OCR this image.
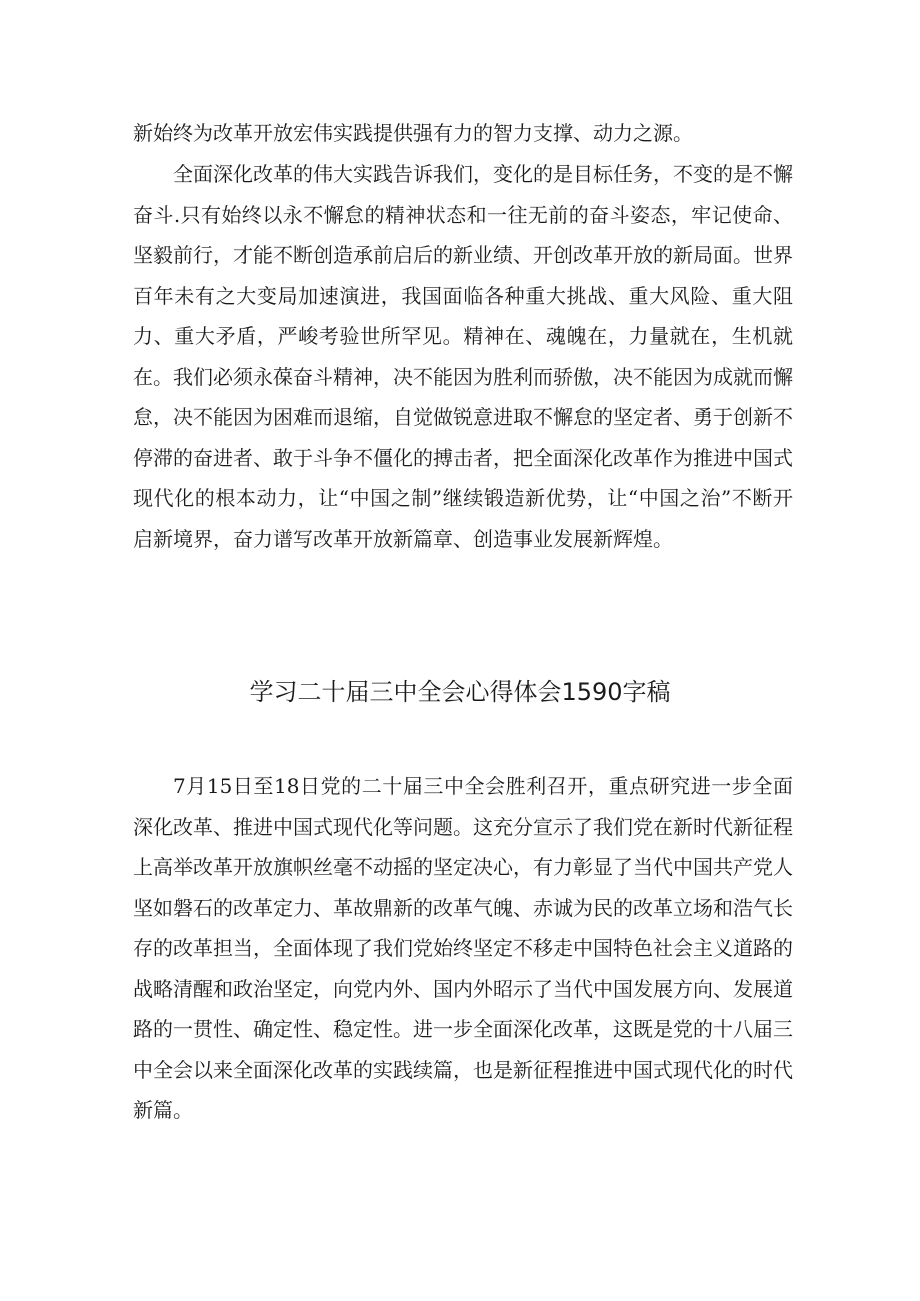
新始终为改革开放宏伟实践提供强有力的智力支撑、动力之源。

全面深化改革的伟大实践告诉我们，变化的是目标任务，不变的是不懈奋斗.只有始终以永不懈怠的精神状态和一往无前的奋斗姿态，牢记使命、坚毅前行，才能不断创造承前启后的新业绩、开创改革开放的新局面。世界百年未有之大变局加速演进，我国面临各种重大挑战、重大风险、重大阻力、重大矛盾，严峻考验世所罕见。精神在、魂魄在，力量就在，生机就在。我们必须永葆奋斗精神，决不能因为胜利而骄傲，决不能因为成就而懈怠，决不能因为困难而退缩，自觉做锐意进取不懈怠的坚定者、勇于创新不停滞的奋进者、敢于斗争不僵化的搏击者，把全面深化改革作为推进中国式现代化的根本动力，让“中国之制”继续锻造新优势，让“中国之治”不断开启新境界，奋力谱写改革开放新篇章、创造事业发展新辉煌。

学习二十届三中全会心得体会1590字稿

7月15日至18日党的二十届三中全会胜利召开，重点研究进一步全面深化改革、推进中国式现代化等问题。这充分宣示了我们党在新时代新征程上高举改革开放旗帜丝毫不动摇的坚定决心，有力彰显了当代中国共产党人坚如磐石的改革定力、革故鼎新的改革气魄、赤诚为民的改革立场和浩气长存的改革担当，全面体现了我们党始终坚定不移走中国特色社会主义道路的战略清醒和政治坚定，向党内外、国内外昭示了当代中国发展方向、发展道路的一贯性、确定性、稳定性。进一步全面深化改革，这既是党的十八届三中全会以来全面深化改革的实践续篇，也是新征程推进中国式现代化的时代新篇。
